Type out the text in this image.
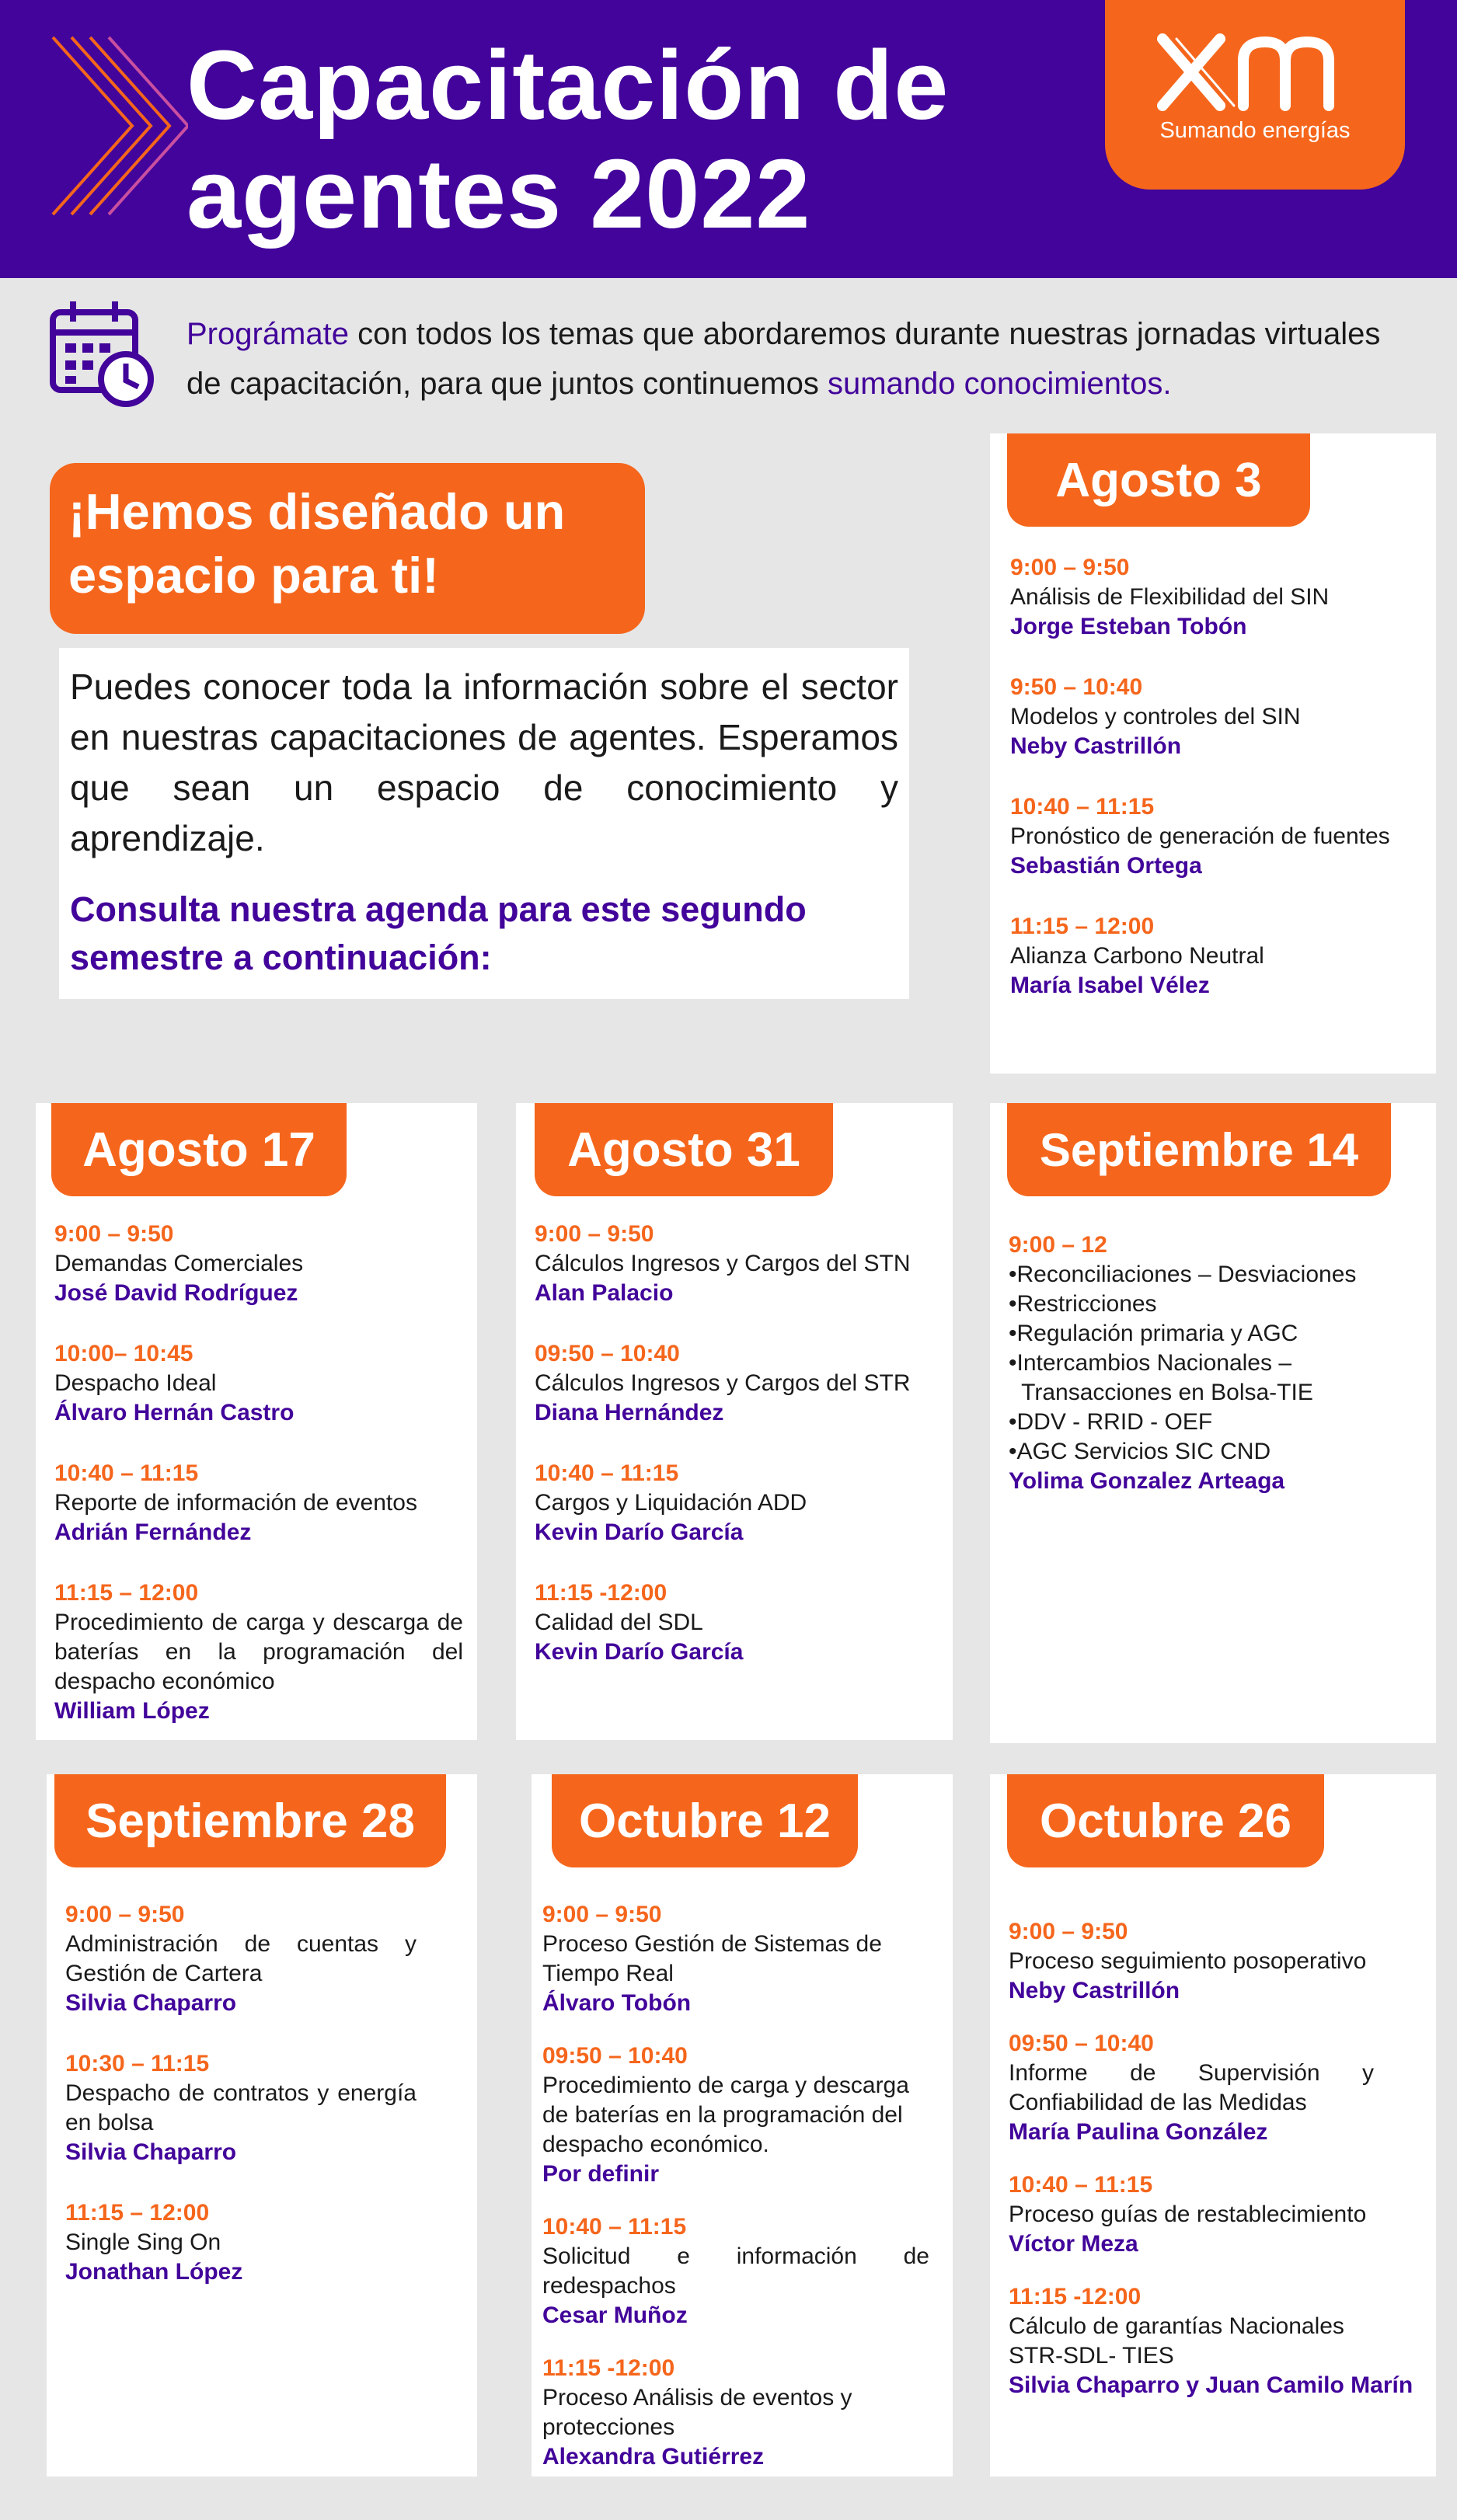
Capacitación de
agentes 2022
Sumando energías
Prográmate con todos los temas que abordaremos durante nuestras jornadas virtuales de capacitación, para que juntos continuemos sumando conocimientos.
¡Hemos diseñado un
espacio para ti!

Puedes conocer toda la información sobre el sector en nuestras capacitaciones de agentes. Esperamos que sean un espacio de conocimiento y aprendizaje.

Consulta nuestra agenda para este segundo semestre a continuación:

Agosto 3
9:00 – 9:50
Análisis de Flexibilidad del SIN
Jorge Esteban Tobón
9:50 – 10:40
Modelos y controles del SIN
Neby Castrillón
10:40 – 11:15
Pronóstico de generación de fuentes
Sebastián Ortega
11:15 – 12:00
Alianza Carbono Neutral
María Isabel Vélez
Agosto 17
9:00 – 9:50
Demandas Comerciales
José David Rodríguez
10:00– 10:45
Despacho Ideal
Álvaro Hernán Castro
10:40 – 11:15
Reporte de información de eventos
Adrián Fernández
11:15 – 12:00
Procedimiento de carga y descarga de baterías en la programación del despacho económico
William López
Agosto 31
9:00 – 9:50
Cálculos Ingresos y Cargos del STN
Alan Palacio
09:50 – 10:40
Cálculos Ingresos y Cargos del STR
Diana Hernández
10:40 – 11:15
Cargos y Liquidación ADD
Kevin Darío García
11:15 -12:00
Calidad del SDL
Kevin Darío García
Septiembre 14
9:00 – 12
•Reconciliaciones – Desviaciones
•Restricciones
•Regulación primaria y AGC
•Intercambios Nacionales –
Transacciones en Bolsa-TIE
•DDV - RRID - OEF
•AGC Servicios SIC CND
Yolima Gonzalez Arteaga
Septiembre 28
9:00 – 9:50
Administración de cuentas y Gestión de Cartera
Silvia Chaparro
10:30 – 11:15
Despacho de contratos y energía en bolsa
Silvia Chaparro
11:15 – 12:00
Single Sing On
Jonathan López
Octubre 12
9:00 – 9:50
Proceso Gestión de Sistemas de Tiempo Real
Álvaro Tobón
09:50 – 10:40
Procedimiento de carga y descarga de baterías en la programación del despacho económico.
Por definir
10:40 – 11:15
Solicitud e información de redespachos
Cesar Muñoz
11:15 -12:00
Proceso Análisis de eventos y protecciones
Alexandra Gutiérrez
Octubre 26
9:00 – 9:50
Proceso seguimiento posoperativo
Neby Castrillón
09:50 – 10:40
Informe de Supervisión y Confiabilidad de las Medidas
María Paulina González
10:40 – 11:15
Proceso guías de restablecimiento
Víctor Meza
11:15 -12:00
Cálculo de garantías Nacionales STR-SDL- TIES
Silvia Chaparro y Juan Camilo Marín
